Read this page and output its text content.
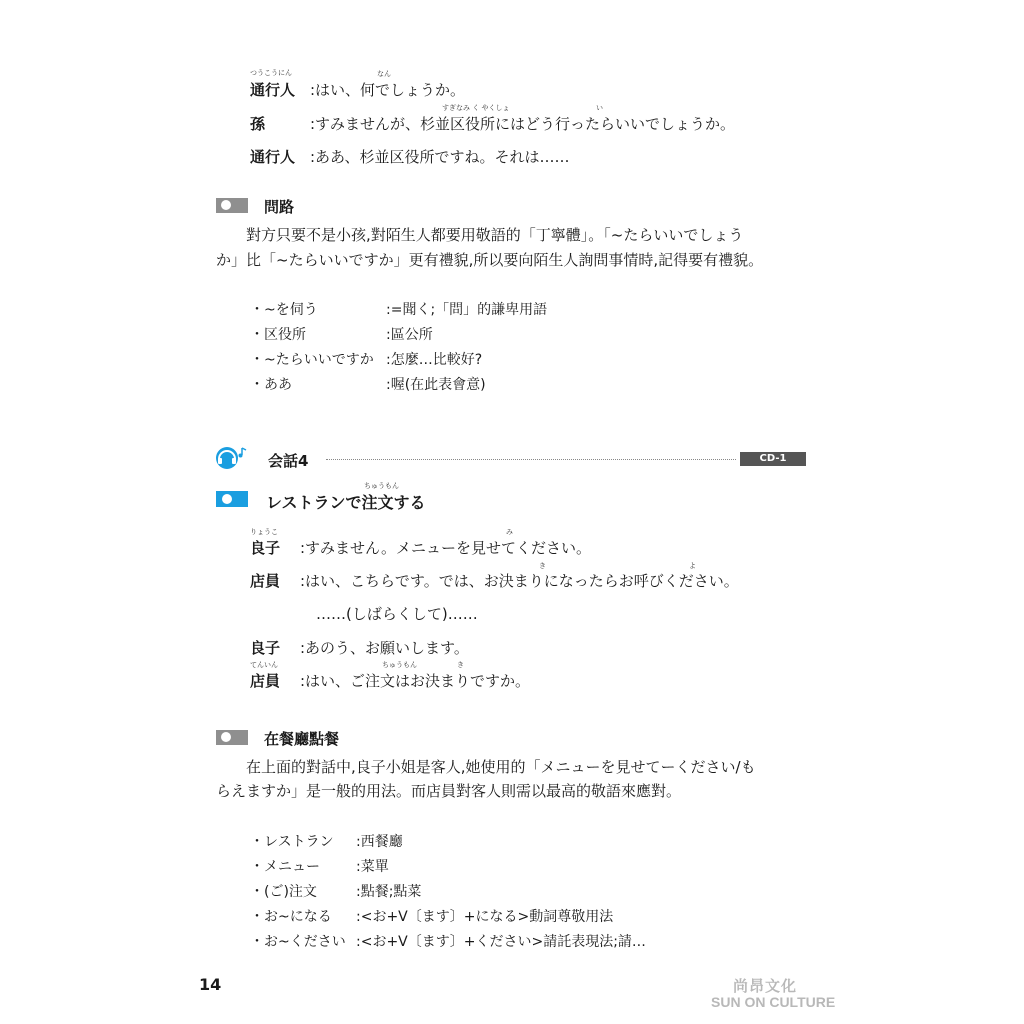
つうこうにん	なん
通行人 :はい、何でしょうか。
すぎなみ く やくしょ	い
孫	:すみませんが、杉並区役所にはどう行ったらいいでしょうか。
通行人 :ああ、杉並区役所ですね。それは……
問路
對方只要不是小孩,對陌生人都要用敬語的「丁寧體」。「~たらいいでしょう
か」比「~たらいいですか」更有禮貌,所以要向陌生人詢問事情時,記得要有禮貌。
・~を伺う	:=聞く;「問」的謙卑用語
・区役所	:區公所
・~たらいいですか :怎麼…比較好?
・ああ	:喔(在此表會意)
会話4	CD-1
ちゅうもん
レストランで注文する
りょうこ	み
良子 :すみません。メニューを見せてください。
き	よ
店員 :はい、こちらです。では、お決まりになったらお呼びください。
……(しばらくして)……
良子 :あのう、お願いします。
てんいん	ちゅうもん	き
店員 :はい、ご注文はお決まりですか。
在餐廳點餐
在上面的對話中,良子小姐是客人,她使用的「メニューを見せてーください/も
らえますか」是一般的用法。而店員對客人則需以最高的敬語來應對。
・レストラン :西餐廳
・メニュー	:菜單
・(ご)注文	:點餐;點菜
・お~になる :<お+V〔ます〕+になる>動詞尊敬用法
・お~ください :<お+V〔ます〕+ください>請託表現法;請…
14	尚昂文化
SUN ON CULTURE
